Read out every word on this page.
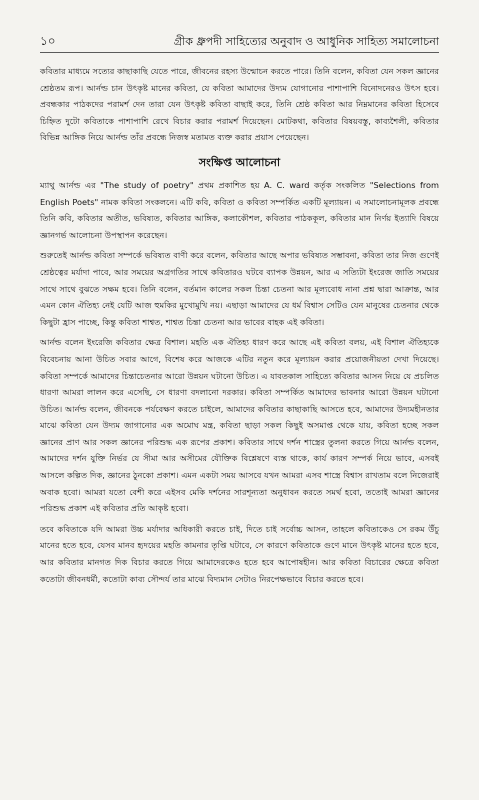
১০	গ্রীক ধ্রুপদী সাহিত্যের অনুবাদ ও আধুনিক সাহিত্য সমালোচনা

কবিতার মাধ্যমে সত্যের কাছাকাছি যেতে পারে, জীবনের রহস্য উন্মোচন করতে পারে। তিনি বলেন, কবিতা যেন সকল জ্ঞানের শ্রেষ্ঠতম রূপ। আর্নল্ড চান উৎকৃষ্ট মানের কবিতা, যে কবিতা আমাদের উদ্যম যোগানোর পাশাপাশি বিনোদনেরও উৎস হবে। প্রবন্ধকার পাঠকদের পরামর্শ দেন তারা যেন উৎকৃষ্ট কবিতা বাছাই করে, তিনি শ্রেষ্ঠ কবিতা আর নিম্নমানের কবিতা হিসেবে চিহ্নিত দুটো কবিতাকে পাশাপাশি রেখে বিচার করার পরামর্শ দিয়েছেন। মোটকথা, কবিতার বিষয়বস্তু, কাব্যশৈলী, কবিতার বিভিন্ন আঙ্গিক নিয়ে আর্নল্ড তাঁর প্রবন্ধে নিজস্ব মতামত ব্যক্ত করার প্রয়াস পেয়েছেন।

সংক্ষিপ্ত আলোচনা

ম্যাথু আর্নল্ড এর "The study of poetry" প্রথম প্রকাশিত হয় A. C. ward কর্তৃক সংকলিত "Selections from English Poets" নামক কবিতা সংকলনে। এটি কবি, কবিতা ও কবিতা সম্পর্কিত একটি মূল্যায়ন। এ সমালোচনামূলক প্রবন্ধে তিনি কবি, কবিতার অতীত, ভবিষ্যত, কবিতার আঙ্গিক, কলাকৌশল, কবিতার পাঠককূল, কবিতার মান নির্ণয় ইত্যাদি বিষয়ে জ্ঞানগর্ভ আলোচনা উপস্থাপন করেছেন।

শুরুতেই আর্নল্ড কবিতা সম্পর্কে ভবিষ্যত বাণী করে বলেন, কবিতার আছে অপার ভবিষ্যত সম্ভাবনা, কবিতা তার নিজ গুণেই শ্রেষ্ঠত্বের মর্যাদা পাবে, আর সময়ের অগ্রগতির সাথে কবিতারও ঘটবে ব্যাপক উন্নয়ন, আর এ সত্যিটা ইংরেজ জাতি সময়ের সাথে সাথে বুঝতে সক্ষম হবে। তিনি বলেন, বর্তমান কালের সকল চিন্তা চেতনা আর মূল্যবোধ নানা প্রশ্ন দ্বারা আক্রান্ত, আর এমন কোন ঐতিহ্য নেই যেটি আজ হুমকির মুখোমুখি নয়। এছাড়া আমাদের যে ধর্ম বিশ্বাস সেটিও যেন মানুষের চেতনার থেকে কিছুটা হ্রাস পাচ্ছে, কিন্তু কবিতা শাশ্বত, শাশ্বত চিন্তা চেতনা আর ভাবের বাহক এই কবিতা।

আর্নল্ড বলেন ইংরেজি কবিতার ক্ষেত্র বিশাল। মহতি এক ঐতিহ্য ধারণ করে আছে এই কবিতা বলয়, এই বিশাল ঐতিহ্যকে বিবেচনায় আনা উচিত সবার আগে, বিশেষ করে আজকে এটির নতুন করে মূল্যায়ন করার প্রয়োজনীয়তা দেখা দিয়েছে। কবিতা সম্পর্কে আমাদের চিন্তাচেতনার আরো উন্নয়ন ঘটানো উচিত। এ যাবতকাল সাহিত্যে কবিতার আসন নিয়ে যে প্রচলিত ধারণা আমরা লালন করে এসেছি, সে ধারণা বদলানো দরকার। কবিতা সম্পর্কিত আমাদের ভাবনার আরো উন্নয়ন ঘটানো উচিত। আর্নল্ড বলেন, জীবনকে পর্যবেক্ষণ করতে চাইলে, আমাদের কবিতার কাছাকাছি আসতে হবে, আমাদের উদ্যমহীনতার মাঝে কবিতা যেন উদ্যম জাগানোর এক অমোঘ মন্ত্র, কবিতা ছাড়া সকল কিছুই অসমাপ্ত থেকে যায়, কবিতা হচ্ছে সকল জ্ঞানের প্রাণ আর সকল জ্ঞানের পরিশুদ্ধ এক রূপের প্রকাশ। কবিতার সাথে দর্শন শাস্ত্রের তুলনা করতে গিয়ে আর্নল্ড বলেন, আমাদের দর্শন যুক্তি নির্ভর যে সীমা আর অসীমের যৌক্তিক বিশ্লেষণে ব্যস্ত থাকে, কার্য কারণ সম্পর্ক নিয়ে ভাবে, এসবই আসলে কল্পিত দিক, জ্ঞানের ঠুনকো প্রকাশ। এমন একটা সময় আসবে যখন আমরা এসব শাস্ত্রে বিশ্বাস রাখতাম বলে নিজেরাই অবাক হবো। আমরা যতো বেশী করে এইসব মেকি দর্শনের সারশূন্যতা অনুধাবন করতে সমর্থ হবো, ততোই আমরা জ্ঞানের পরিশুদ্ধ প্রকাশ এই কবিতার প্রতি আকৃষ্ট হবো।

তবে কবিতাকে যদি আমরা উচ্চ মর্যাদার অধিকারী করতে চাই, দিতে চাই সর্বোচ্চ আসন, তাহলে কবিতাকেও সে রকম উঁচু মানের হতে হবে, যেসব মানব হৃদয়ের মহতি কামনার তৃপ্তি ঘটাবে, সে কারণে কবিতাকে গুণে মানে উৎকৃষ্ট মানের হতে হবে, আর কবিতার মানগত দিক বিচার করতে গিয়ে আমাদেরকেও হতে হবে আপোষহীন। আর কবিতা বিচারের ক্ষেত্রে কবিতা কতোটা জীবনধর্মী, কতোটা কাব্য সৌন্দর্য তার মাঝে বিদ্যমান সেটাও নিরপেক্ষভাবে বিচার করতে হবে।
